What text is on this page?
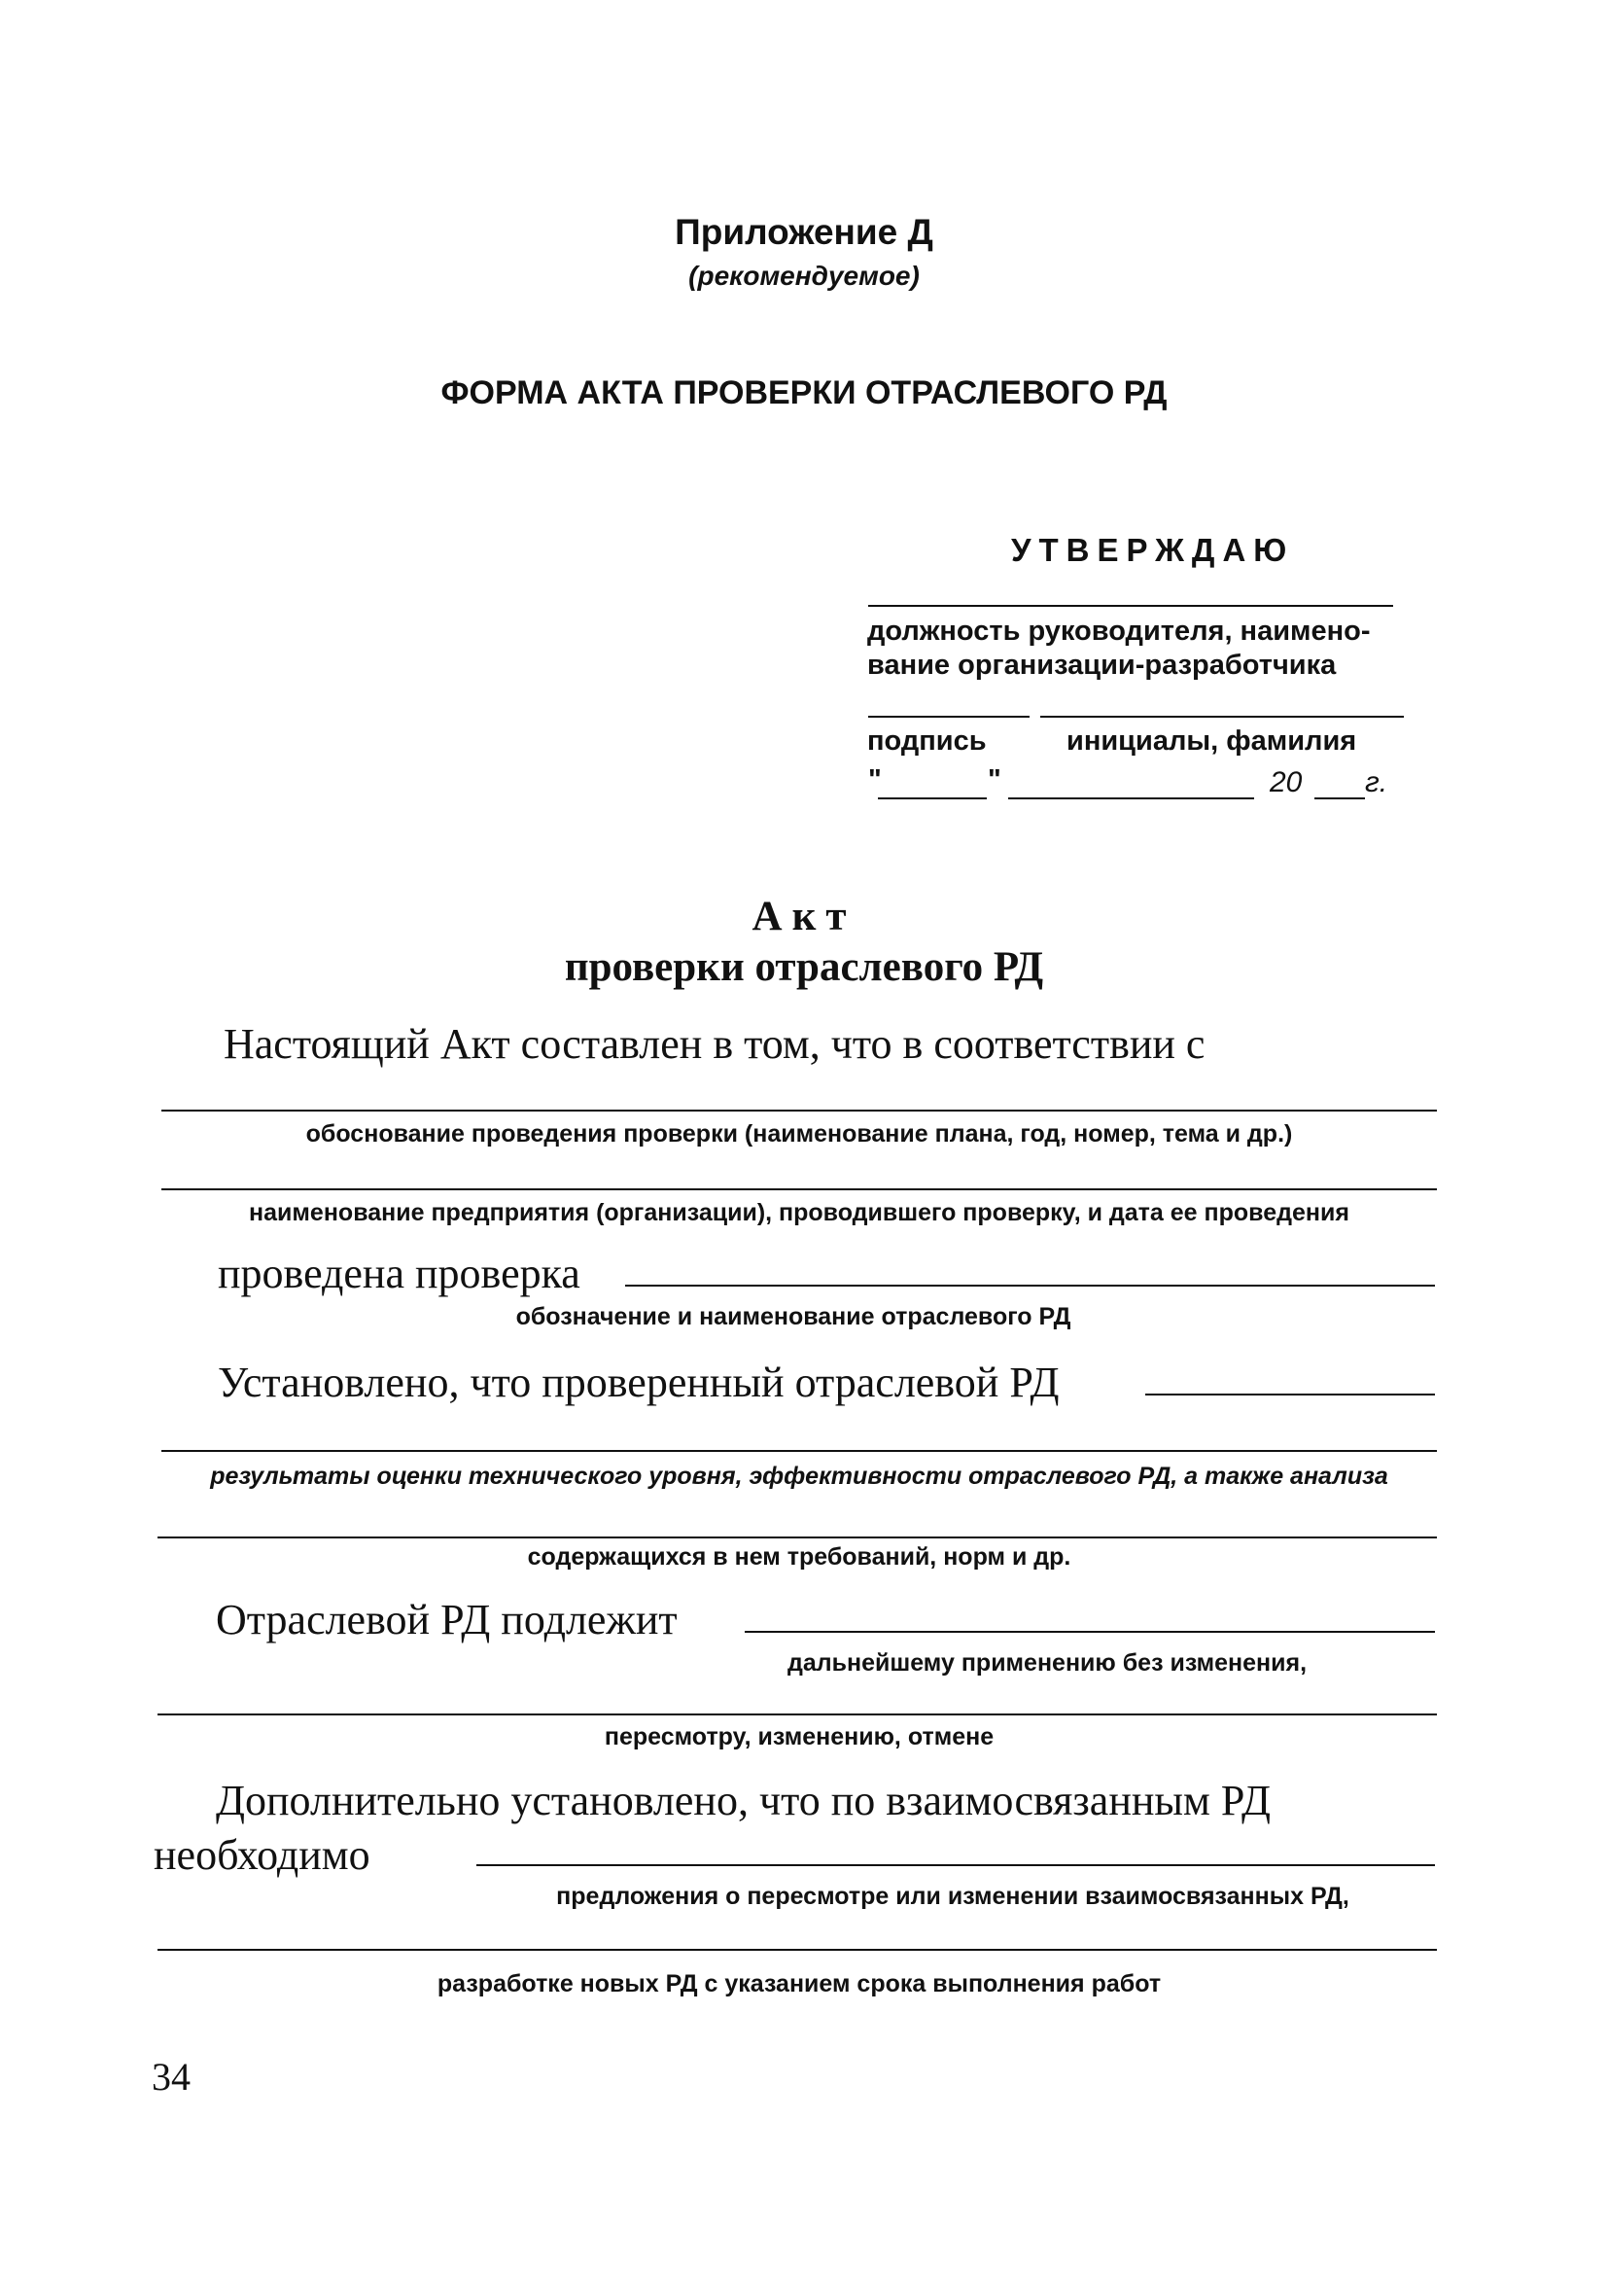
Приложение Д
(рекомендуемое)
ФОРМА АКТА ПРОВЕРКИ ОТРАСЛЕВОГО РД
УТВЕРЖДАЮ
должность руководителя, наимено-
вание организации-разработчика
подпись	инициалы, фамилия
"	"	20 г.
Акт
проверки отраслевого РД
Настоящий Акт составлен в том, что в соответствии с
обоснование проведения проверки (наименование плана, год, номер, тема и др.)
наименование предприятия (организации), проводившего проверку, и дата ее проведения
проведена проверка
обозначение и наименование отраслевого РД
Установлено, что проверенный отраслевой РД
результаты оценки технического уровня, эффективности отраслевого РД, а также анализа
содержащихся в нем требований, норм и др.
Отраслевой РД подлежит
дальнейшему применению без изменения,
пересмотру, изменению, отмене
Дополнительно установлено, что по взаимосвязанным РД
необходимо
предложения о пересмотре или изменении взаимосвязанных РД,
разработке новых РД с указанием срока выполнения работ
34
